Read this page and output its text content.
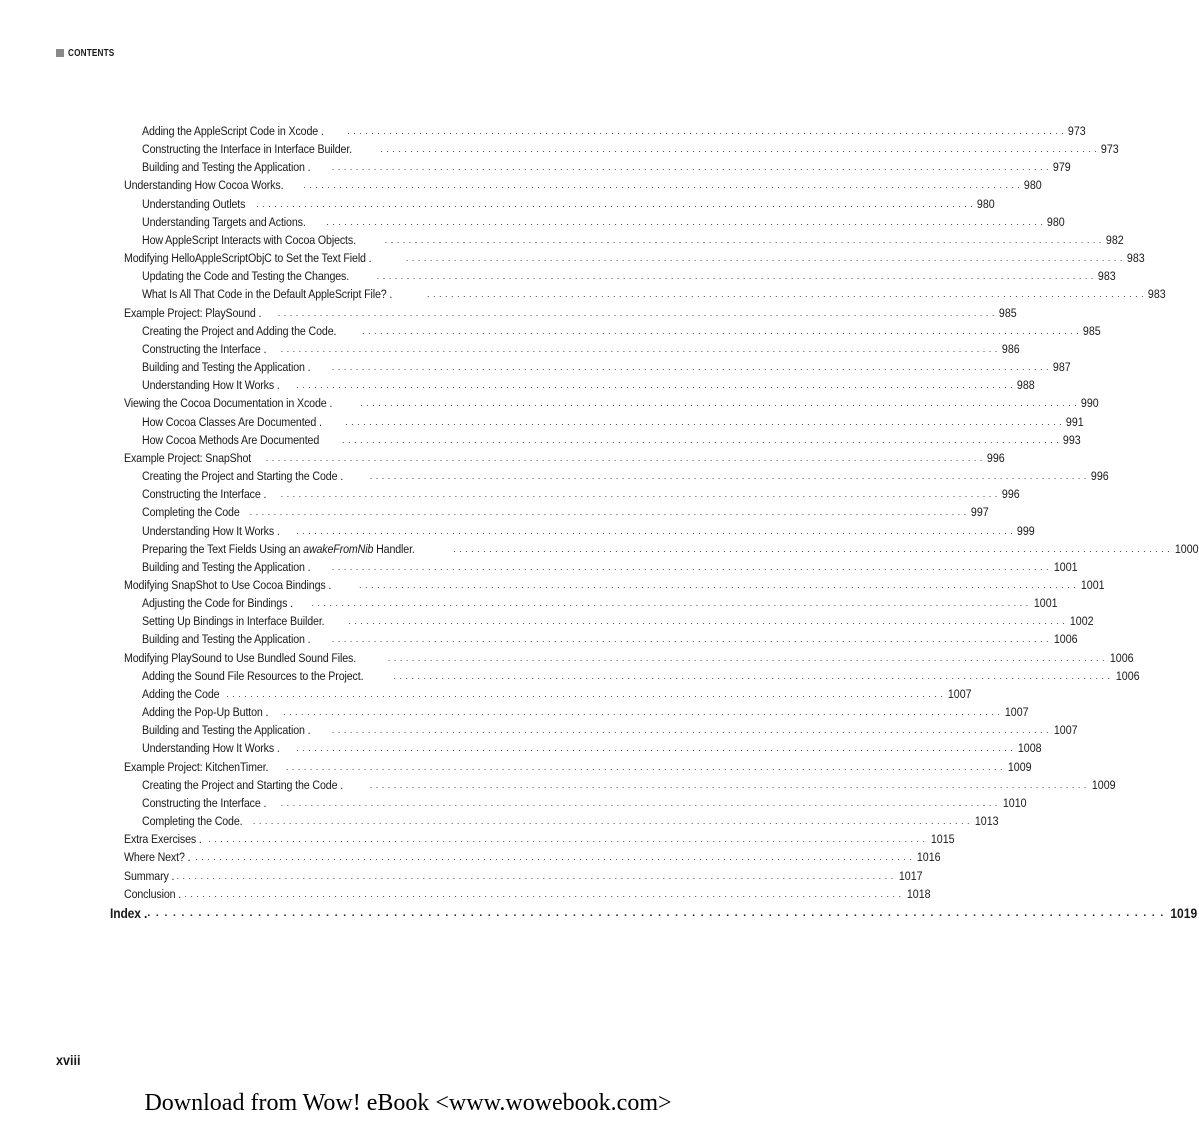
CONTENTS
Adding the AppleScript Code in Xcode .	. . . . . . . . . . . . . . . . . . . . . . . . . . . . . . . . . . . . . . . . . . . . . . . . . . . . . . . . . . . . . . . . . . . . . . . . . . . . . . . . . . . . . . . . . . . . . . . . . . . . . . . . . . . . . . . . . . . . . . . . 973
Constructing the Interface in Interface Builder.	. . . . . . . . . . . . . . . . . . . . . . . . . . . . . . . . . . . . . . . . . . . . . . . . . . . . . . . . . . . . . . . . . . . . . . . . . . . . . . . . . . . . . . . . . . . . . . . . . . . . . . . . . . . . . . . . . . . . . . . . 973
Building and Testing the Application . . . . . . . . . . . . . . . . . . . . . . . . . . . . . . . . . . . . . . . . . . . . . . . . . . . . . . . . . . . . . . . . . . . . . . . . . . . . . . . . . . . . . . . . . . . . . . . . . . . . . . . . . . . . . . . . . . . . . . . . . 979
Understanding How Cocoa Works. . . . . . . . . . . . . . . . . . . . . . . . . . . . . . . . . . . . . . . . . . . . . . . . . . . . . . . . . . . . . . . . . . . . . . . . . . . . . . . . . . . . . . . . . . . . . . . . . . . . . . . . . . . . . . . . . . . . . . . . . 980
Understanding Outlets . . . . . . . . . . . . . . . . . . . . . . . . . . . . . . . . . . . . . . . . . . . . . . . . . . . . . . . . . . . . . . . . . . . . . . . . . . . . . . . . . . . . . . . . . . . . . . . . . . . . . . . . . . . . . . . . . . . . . . . . 980
Understanding Targets and Actions. . . . . . . . . . . . . . . . . . . . . . . . . . . . . . . . . . . . . . . . . . . . . . . . . . . . . . . . . . . . . . . . . . . . . . . . . . . . . . . . . . . . . . . . . . . . . . . . . . . . . . . . . . . . . . . . . . . . . . . . . 980
How AppleScript Interacts with Cocoa Objects.	. . . . . . . . . . . . . . . . . . . . . . . . . . . . . . . . . . . . . . . . . . . . . . . . . . . . . . . . . . . . . . . . . . . . . . . . . . . . . . . . . . . . . . . . . . . . . . . . . . . . . . . . . . . . . . . . . . . . . . . . 982
Modifying HelloAppleScriptObjC to Set the Text Field .	. . . . . . . . . . . . . . . . . . . . . . . . . . . . . . . . . . . . . . . . . . . . . . . . . . . . . . . . . . . . . . . . . . . . . . . . . . . . . . . . . . . . . . . . . . . . . . . . . . . . . . . . . . . . . . . . . . . . . . . . 983
Updating the Code and Testing the Changes.	. . . . . . . . . . . . . . . . . . . . . . . . . . . . . . . . . . . . . . . . . . . . . . . . . . . . . . . . . . . . . . . . . . . . . . . . . . . . . . . . . . . . . . . . . . . . . . . . . . . . . . . . . . . . . . . . . . . . . . . . 983
What Is All That Code in the Default AppleScript File? .	. . . . . . . . . . . . . . . . . . . . . . . . . . . . . . . . . . . . . . . . . . . . . . . . . . . . . . . . . . . . . . . . . . . . . . . . . . . . . . . . . . . . . . . . . . . . . . . . . . . . . . . . . . . . . . . . . . . . . . . . 983
Example Project: PlaySound . . . . . . . . . . . . . . . . . . . . . . . . . . . . . . . . . . . . . . . . . . . . . . . . . . . . . . . . . . . . . . . . . . . . . . . . . . . . . . . . . . . . . . . . . . . . . . . . . . . . . . . . . . . . . . . . . . . . . . . . . 985
Creating the Project and Adding the Code.	. . . . . . . . . . . . . . . . . . . . . . . . . . . . . . . . . . . . . . . . . . . . . . . . . . . . . . . . . . . . . . . . . . . . . . . . . . . . . . . . . . . . . . . . . . . . . . . . . . . . . . . . . . . . . . . . . . . . . . . . 985
Constructing the Interface . . . . . . . . . . . . . . . . . . . . . . . . . . . . . . . . . . . . . . . . . . . . . . . . . . . . . . . . . . . . . . . . . . . . . . . . . . . . . . . . . . . . . . . . . . . . . . . . . . . . . . . . . . . . . . . . . . . . . . . . . 986
Building and Testing the Application . . . . . . . . . . . . . . . . . . . . . . . . . . . . . . . . . . . . . . . . . . . . . . . . . . . . . . . . . . . . . . . . . . . . . . . . . . . . . . . . . . . . . . . . . . . . . . . . . . . . . . . . . . . . . . . . . . . . . . . . . 987
Understanding How It Works . . . . . . . . . . . . . . . . . . . . . . . . . . . . . . . . . . . . . . . . . . . . . . . . . . . . . . . . . . . . . . . . . . . . . . . . . . . . . . . . . . . . . . . . . . . . . . . . . . . . . . . . . . . . . . . . . . . . . . . . . 988
Viewing the Cocoa Documentation in Xcode .	. . . . . . . . . . . . . . . . . . . . . . . . . . . . . . . . . . . . . . . . . . . . . . . . . . . . . . . . . . . . . . . . . . . . . . . . . . . . . . . . . . . . . . . . . . . . . . . . . . . . . . . . . . . . . . . . . . . . . . . . 990
How Cocoa Classes Are Documented .	. . . . . . . . . . . . . . . . . . . . . . . . . . . . . . . . . . . . . . . . . . . . . . . . . . . . . . . . . . . . . . . . . . . . . . . . . . . . . . . . . . . . . . . . . . . . . . . . . . . . . . . . . . . . . . . . . . . . . . . . 991
How Cocoa Methods Are Documented	. . . . . . . . . . . . . . . . . . . . . . . . . . . . . . . . . . . . . . . . . . . . . . . . . . . . . . . . . . . . . . . . . . . . . . . . . . . . . . . . . . . . . . . . . . . . . . . . . . . . . . . . . . . . . . . . . . . . . . . . 993
Example Project: SnapShot . . . . . . . . . . . . . . . . . . . . . . . . . . . . . . . . . . . . . . . . . . . . . . . . . . . . . . . . . . . . . . . . . . . . . . . . . . . . . . . . . . . . . . . . . . . . . . . . . . . . . . . . . . . . . . . . . . . . . . . . 996
Creating the Project and Starting the Code .	. . . . . . . . . . . . . . . . . . . . . . . . . . . . . . . . . . . . . . . . . . . . . . . . . . . . . . . . . . . . . . . . . . . . . . . . . . . . . . . . . . . . . . . . . . . . . . . . . . . . . . . . . . . . . . . . . . . . . . . . 996
Constructing the Interface . . . . . . . . . . . . . . . . . . . . . . . . . . . . . . . . . . . . . . . . . . . . . . . . . . . . . . . . . . . . . . . . . . . . . . . . . . . . . . . . . . . . . . . . . . . . . . . . . . . . . . . . . . . . . . . . . . . . . . . . . 996
Completing the Code . . . . . . . . . . . . . . . . . . . . . . . . . . . . . . . . . . . . . . . . . . . . . . . . . . . . . . . . . . . . . . . . . . . . . . . . . . . . . . . . . . . . . . . . . . . . . . . . . . . . . . . . . . . . . . . . . . . . . . . . 997
Understanding How It Works . . . . . . . . . . . . . . . . . . . . . . . . . . . . . . . . . . . . . . . . . . . . . . . . . . . . . . . . . . . . . . . . . . . . . . . . . . . . . . . . . . . . . . . . . . . . . . . . . . . . . . . . . . . . . . . . . . . . . . . . . 999
Preparing the Text Fields Using an awakeFromNib Handler.	. . . . . . . . . . . . . . . . . . . . . . . . . . . . . . . . . . . . . . . . . . . . . . . . . . . . . . . . . . . . . . . . . . . . . . . . . . . . . . . . . . . . . . . . . . . . . . . . . . . . . . . . . . . . . . . . . . . . . . . . 1000
Building and Testing the Application . . . . . . . . . . . . . . . . . . . . . . . . . . . . . . . . . . . . . . . . . . . . . . . . . . . . . . . . . . . . . . . . . . . . . . . . . . . . . . . . . . . . . . . . . . . . . . . . . . . . . . . . . . . . . . . . . . . . . . . . . 1001
Modifying SnapShot to Use Cocoa Bindings .	. . . . . . . . . . . . . . . . . . . . . . . . . . . . . . . . . . . . . . . . . . . . . . . . . . . . . . . . . . . . . . . . . . . . . . . . . . . . . . . . . . . . . . . . . . . . . . . . . . . . . . . . . . . . . . . . . . . . . . . . 1001
Adjusting the Code for Bindings . . . . . . . . . . . . . . . . . . . . . . . . . . . . . . . . . . . . . . . . . . . . . . . . . . . . . . . . . . . . . . . . . . . . . . . . . . . . . . . . . . . . . . . . . . . . . . . . . . . . . . . . . . . . . . . . . . . . . . . . . 1001
Setting Up Bindings in Interface Builder.	. . . . . . . . . . . . . . . . . . . . . . . . . . . . . . . . . . . . . . . . . . . . . . . . . . . . . . . . . . . . . . . . . . . . . . . . . . . . . . . . . . . . . . . . . . . . . . . . . . . . . . . . . . . . . . . . . . . . . . . . 1002
Building and Testing the Application . . . . . . . . . . . . . . . . . . . . . . . . . . . . . . . . . . . . . . . . . . . . . . . . . . . . . . . . . . . . . . . . . . . . . . . . . . . . . . . . . . . . . . . . . . . . . . . . . . . . . . . . . . . . . . . . . . . . . . . . . 1006
Modifying PlaySound to Use Bundled Sound Files.	. . . . . . . . . . . . . . . . . . . . . . . . . . . . . . . . . . . . . . . . . . . . . . . . . . . . . . . . . . . . . . . . . . . . . . . . . . . . . . . . . . . . . . . . . . . . . . . . . . . . . . . . . . . . . . . . . . . . . . . . 1006
Adding the Sound File Resources to the Project.	. . . . . . . . . . . . . . . . . . . . . . . . . . . . . . . . . . . . . . . . . . . . . . . . . . . . . . . . . . . . . . . . . . . . . . . . . . . . . . . . . . . . . . . . . . . . . . . . . . . . . . . . . . . . . . . . . . . . . . . . 1006
Adding the Code . . . . . . . . . . . . . . . . . . . . . . . . . . . . . . . . . . . . . . . . . . . . . . . . . . . . . . . . . . . . . . . . . . . . . . . . . . . . . . . . . . . . . . . . . . . . . . . . . . . . . . . . . . . . . . . . . . . . . . . . 1007
Adding the Pop-Up Button . . . . . . . . . . . . . . . . . . . . . . . . . . . . . . . . . . . . . . . . . . . . . . . . . . . . . . . . . . . . . . . . . . . . . . . . . . . . . . . . . . . . . . . . . . . . . . . . . . . . . . . . . . . . . . . . . . . . . . . . . 1007
Building and Testing the Application . . . . . . . . . . . . . . . . . . . . . . . . . . . . . . . . . . . . . . . . . . . . . . . . . . . . . . . . . . . . . . . . . . . . . . . . . . . . . . . . . . . . . . . . . . . . . . . . . . . . . . . . . . . . . . . . . . . . . . . . . 1007
Understanding How It Works . . . . . . . . . . . . . . . . . . . . . . . . . . . . . . . . . . . . . . . . . . . . . . . . . . . . . . . . . . . . . . . . . . . . . . . . . . . . . . . . . . . . . . . . . . . . . . . . . . . . . . . . . . . . . . . . . . . . . . . . . 1008
Example Project: KitchenTimer. . . . . . . . . . . . . . . . . . . . . . . . . . . . . . . . . . . . . . . . . . . . . . . . . . . . . . . . . . . . . . . . . . . . . . . . . . . . . . . . . . . . . . . . . . . . . . . . . . . . . . . . . . . . . . . . . . . . . . . . . 1009
Creating the Project and Starting the Code .	. . . . . . . . . . . . . . . . . . . . . . . . . . . . . . . . . . . . . . . . . . . . . . . . . . . . . . . . . . . . . . . . . . . . . . . . . . . . . . . . . . . . . . . . . . . . . . . . . . . . . . . . . . . . . . . . . . . . . . . . 1009
Constructing the Interface . . . . . . . . . . . . . . . . . . . . . . . . . . . . . . . . . . . . . . . . . . . . . . . . . . . . . . . . . . . . . . . . . . . . . . . . . . . . . . . . . . . . . . . . . . . . . . . . . . . . . . . . . . . . . . . . . . . . . . . . . 1010
Completing the Code. . . . . . . . . . . . . . . . . . . . . . . . . . . . . . . . . . . . . . . . . . . . . . . . . . . . . . . . . . . . . . . . . . . . . . . . . . . . . . . . . . . . . . . . . . . . . . . . . . . . . . . . . . . . . . . . . . . . . . . . . 1013
Extra Exercises . . . . . . . . . . . . . . . . . . . . . . . . . . . . . . . . . . . . . . . . . . . . . . . . . . . . . . . . . . . . . . . . . . . . . . . . . . . . . . . . . . . . . . . . . . . . . . . . . . . . . . . . . . . . . . . . . . . . . . . . . 1015
Where Next? . . . . . . . . . . . . . . . . . . . . . . . . . . . . . . . . . . . . . . . . . . . . . . . . . . . . . . . . . . . . . . . . . . . . . . . . . . . . . . . . . . . . . . . . . . . . . . . . . . . . . . . . . . . . . . . . . . . . . . . . . 1016
Summary . . . . . . . . . . . . . . . . . . . . . . . . . . . . . . . . . . . . . . . . . . . . . . . . . . . . . . . . . . . . . . . . . . . . . . . . . . . . . . . . . . . . . . . . . . . . . . . . . . . . . . . . . . . . . . . . . . . . . . . . . 1017
Conclusion . . . . . . . . . . . . . . . . . . . . . . . . . . . . . . . . . . . . . . . . . . . . . . . . . . . . . . . . . . . . . . . . . . . . . . . . . . . . . . . . . . . . . . . . . . . . . . . . . . . . . . . . . . . . . . . . . . . . . . . . . 1018
Index . . . . . . . . . . . . . . . . . . . . . . . . . . . . . . . . . . . . . . . . . . . . . . . . . . . . . . . . . . . . . . . . . . . . . . . . . . . . . . . . . . . . . . . . . . . . . . . . . . . . . . . . . . . . . . . . . . . . . . . . . 1019
xviii
Download from Wow! eBook <www.wowebook.com>
